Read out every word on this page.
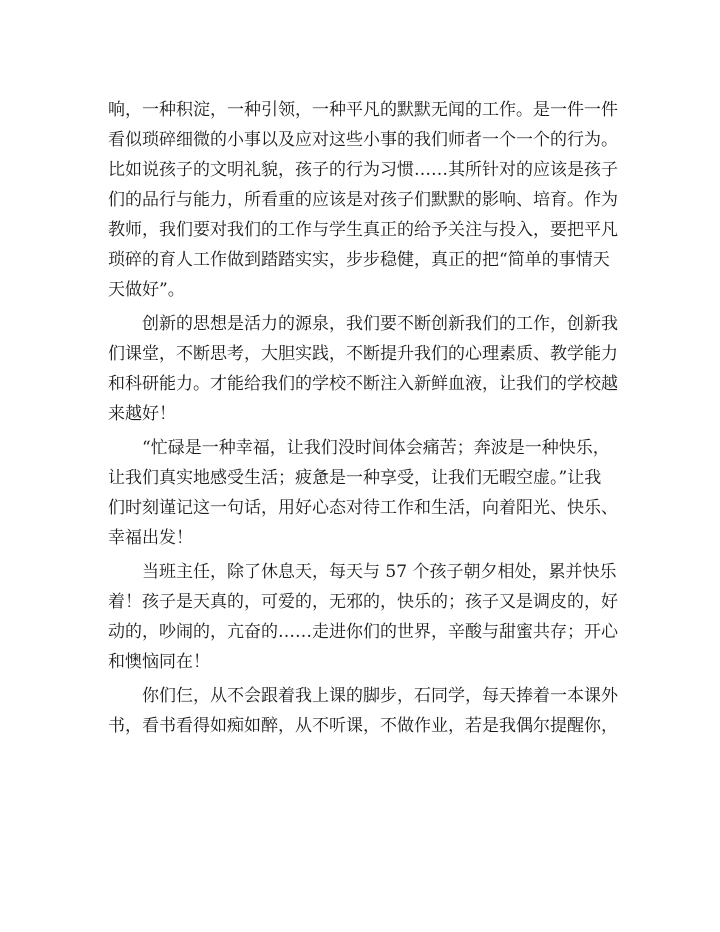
响，一种积淀，一种引领，一种平凡的默默无闻的工作。是一件一件
看似琐碎细微的小事以及应对这些小事的我们师者一个一个的行为。
比如说孩子的文明礼貌，孩子的行为习惯……其所针对的应该是孩子
们的品行与能力，所看重的应该是对孩子们默默的影响、培育。作为
教师，我们要对我们的工作与学生真正的给予关注与投入，要把平凡
琐碎的育人工作做到踏踏实实，步步稳健，真正的把“简单的事情天
天做好”。
创新的思想是活力的源泉，我们要不断创新我们的工作，创新我
们课堂，不断思考，大胆实践，不断提升我们的心理素质、教学能力
和科研能力。才能给我们的学校不断注入新鲜血液，让我们的学校越
来越好！
“忙碌是一种幸福，让我们没时间体会痛苦；奔波是一种快乐，
让我们真实地感受生活；疲惫是一种享受，让我们无暇空虚。”让我
们时刻谨记这一句话，用好心态对待工作和生活，向着阳光、快乐、
幸福出发！
当班主任，除了休息天，每天与 57 个孩子朝夕相处，累并快乐
着！孩子是天真的，可爱的，无邪的，快乐的；孩子又是调皮的，好
动的，吵闹的，亢奋的……走进你们的世界，辛酸与甜蜜共存；开心
和懊恼同在！
你们仨，从不会跟着我上课的脚步，石同学，每天捧着一本课外
书，看书看得如痴如醉，从不听课，不做作业，若是我偶尔提醒你，
